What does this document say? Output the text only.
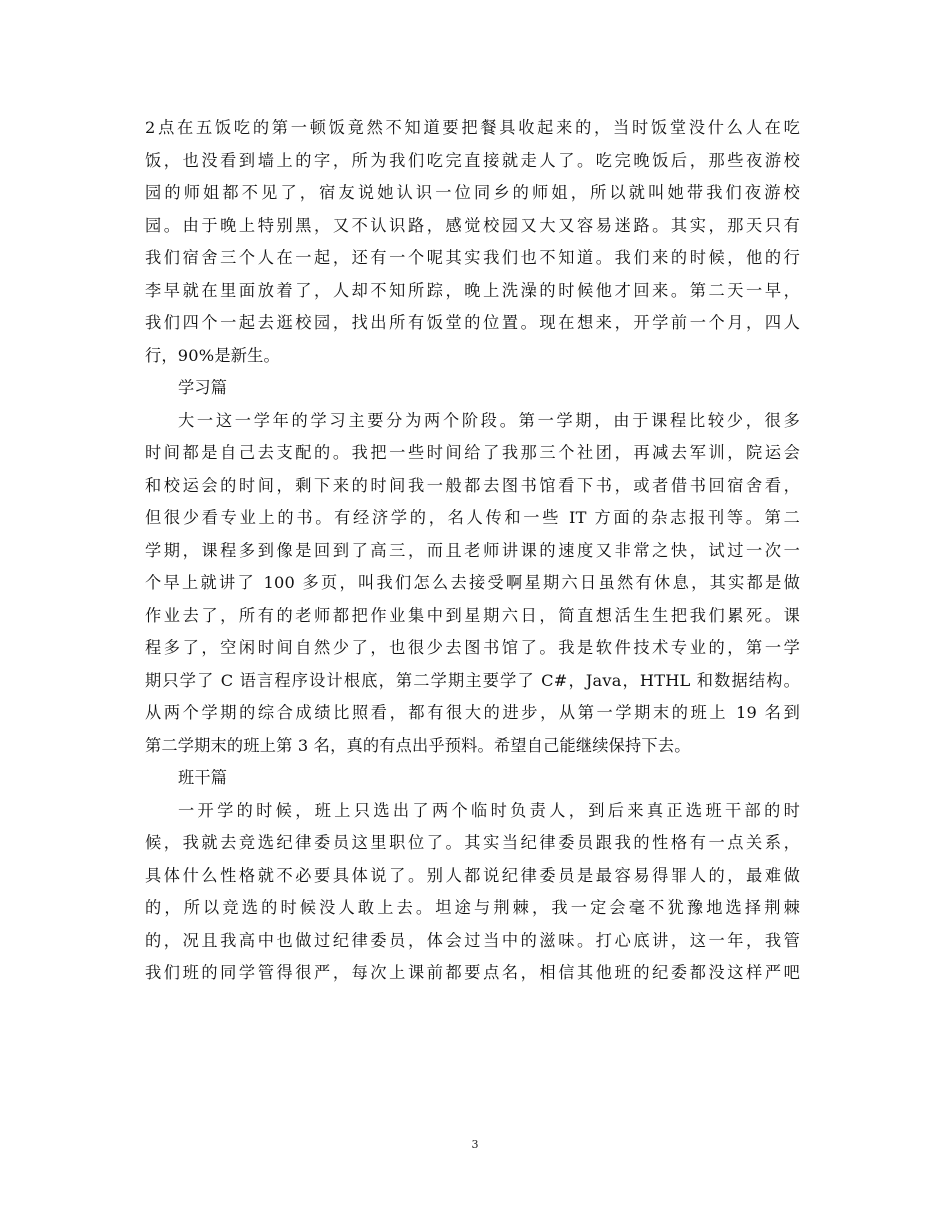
2点在五饭吃的第一顿饭竟然不知道要把餐具收起来的，当时饭堂没什么人在吃
饭，也没看到墙上的字，所为我们吃完直接就走人了。吃完晚饭后，那些夜游校
园的师姐都不见了，宿友说她认识一位同乡的师姐，所以就叫她带我们夜游校
园。由于晚上特别黑，又不认识路，感觉校园又大又容易迷路。其实，那天只有
我们宿舍三个人在一起，还有一个呢其实我们也不知道。我们来的时候，他的行
李早就在里面放着了，人却不知所踪，晚上洗澡的时候他才回来。第二天一早，
我们四个一起去逛校园，找出所有饭堂的位置。现在想来，开学前一个月，四人
行，90%是新生。
学习篇
大一这一学年的学习主要分为两个阶段。第一学期，由于课程比较少，很多
时间都是自己去支配的。我把一些时间给了我那三个社团，再减去军训，院运会
和校运会的时间，剩下来的时间我一般都去图书馆看下书，或者借书回宿舍看，
但很少看专业上的书。有经济学的，名人传和一些 IT 方面的杂志报刊等。第二
学期，课程多到像是回到了高三，而且老师讲课的速度又非常之快，试过一次一
个早上就讲了 100 多页，叫我们怎么去接受啊星期六日虽然有休息，其实都是做
作业去了，所有的老师都把作业集中到星期六日，简直想活生生把我们累死。课
程多了，空闲时间自然少了，也很少去图书馆了。我是软件技术专业的，第一学
期只学了 C 语言程序设计根底，第二学期主要学了 C#，Java，HTHL 和数据结构。
从两个学期的综合成绩比照看，都有很大的进步，从第一学期末的班上 19 名到
第二学期末的班上第 3 名，真的有点出乎预料。希望自己能继续保持下去。
班干篇
一开学的时候，班上只选出了两个临时负责人，到后来真正选班干部的时
候，我就去竞选纪律委员这里职位了。其实当纪律委员跟我的性格有一点关系，
具体什么性格就不必要具体说了。别人都说纪律委员是最容易得罪人的，最难做
的，所以竞选的时候没人敢上去。坦途与荆棘，我一定会毫不犹豫地选择荆棘
的，况且我高中也做过纪律委员，体会过当中的滋味。打心底讲，这一年，我管
我们班的同学管得很严，每次上课前都要点名，相信其他班的纪委都没这样严吧
3
